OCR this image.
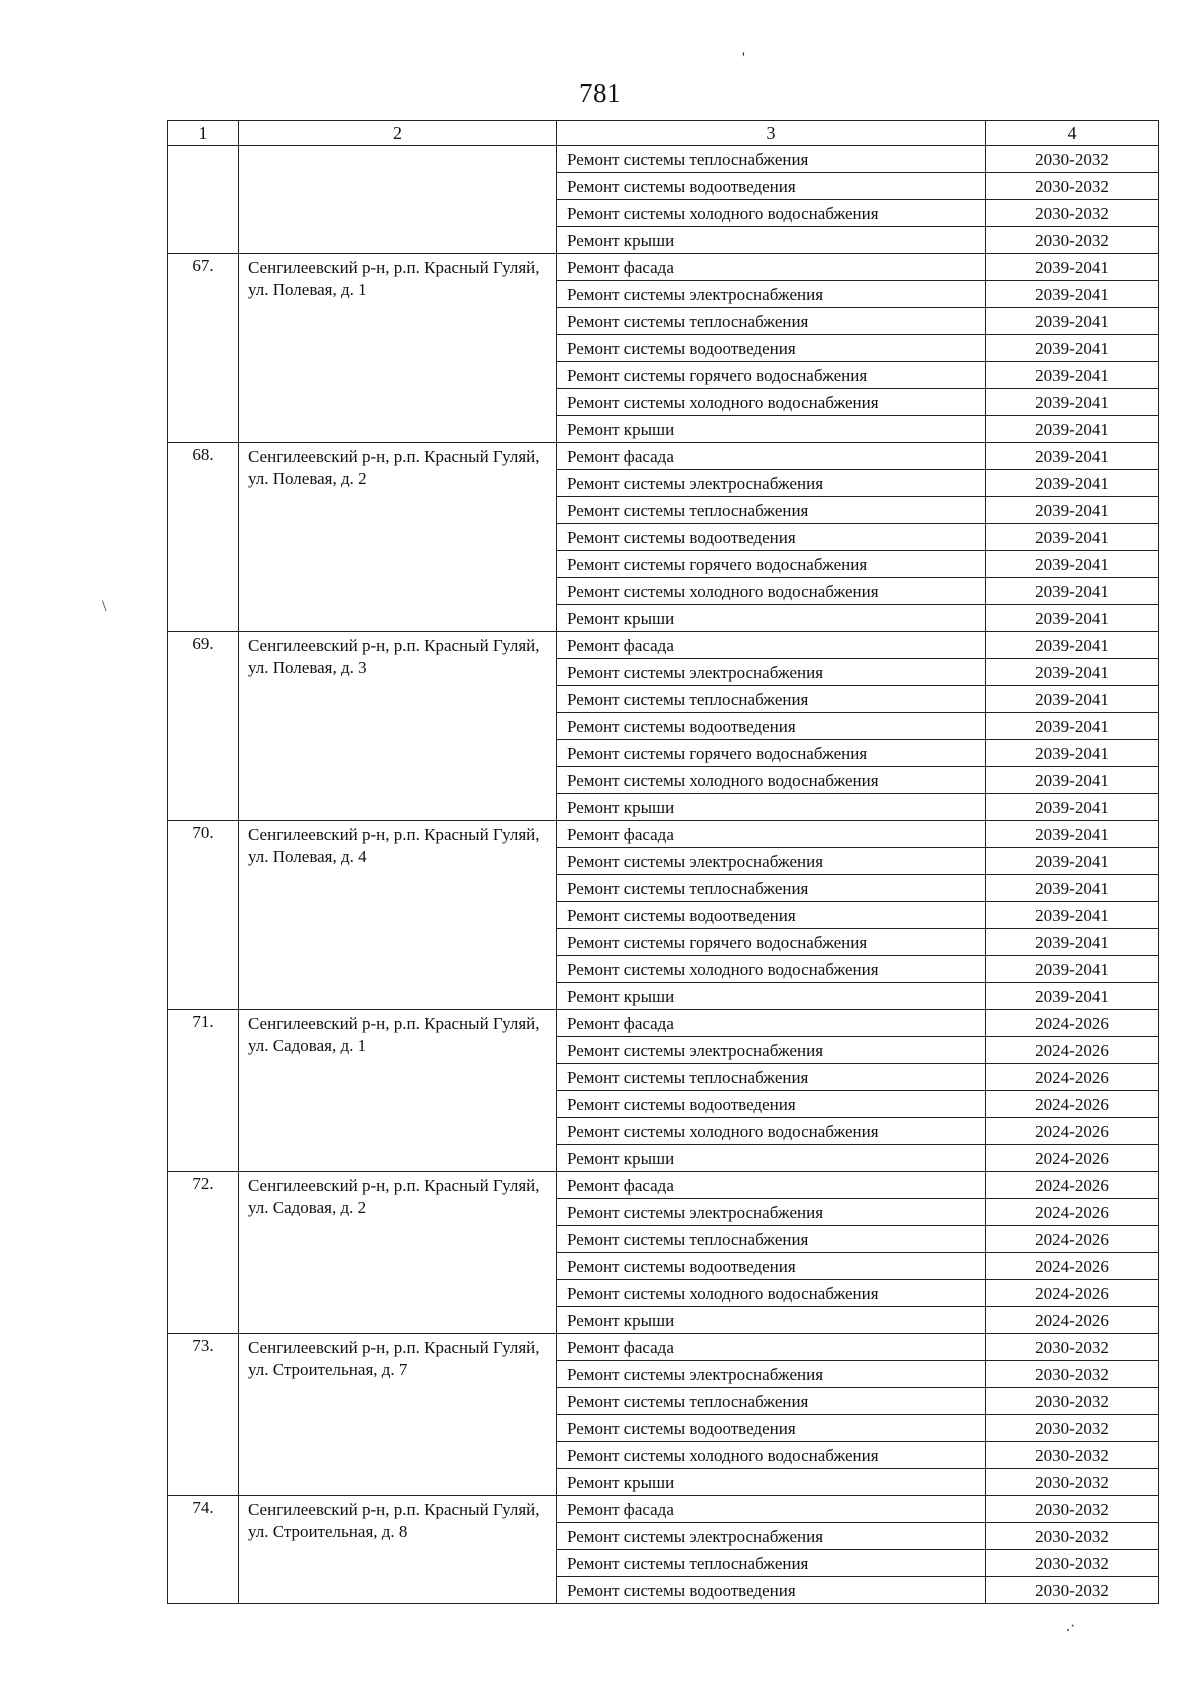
781
'
\
.·
1	2	3	4
		Ремонт системы теплоснабжения	2030-2032
		Ремонт системы водоотведения	2030-2032
		Ремонт системы холодного водоснабжения	2030-2032
		Ремонт крыши	2030-2032
67.	Сенгилеевский р-н, р.п. Красный Гуляй, ул. Полевая, д. 1	Ремонт фасада	2039-2041
		Ремонт системы электроснабжения	2039-2041
		Ремонт системы теплоснабжения	2039-2041
		Ремонт системы водоотведения	2039-2041
		Ремонт системы горячего водоснабжения	2039-2041
		Ремонт системы холодного водоснабжения	2039-2041
		Ремонт крыши	2039-2041
68.	Сенгилеевский р-н, р.п. Красный Гуляй, ул. Полевая, д. 2	Ремонт фасада	2039-2041
		Ремонт системы электроснабжения	2039-2041
		Ремонт системы теплоснабжения	2039-2041
		Ремонт системы водоотведения	2039-2041
		Ремонт системы горячего водоснабжения	2039-2041
		Ремонт системы холодного водоснабжения	2039-2041
		Ремонт крыши	2039-2041
69.	Сенгилеевский р-н, р.п. Красный Гуляй, ул. Полевая, д. 3	Ремонт фасада	2039-2041
		Ремонт системы электроснабжения	2039-2041
		Ремонт системы теплоснабжения	2039-2041
		Ремонт системы водоотведения	2039-2041
		Ремонт системы горячего водоснабжения	2039-2041
		Ремонт системы холодного водоснабжения	2039-2041
		Ремонт крыши	2039-2041
70.	Сенгилеевский р-н, р.п. Красный Гуляй, ул. Полевая, д. 4	Ремонт фасада	2039-2041
		Ремонт системы электроснабжения	2039-2041
		Ремонт системы теплоснабжения	2039-2041
		Ремонт системы водоотведения	2039-2041
		Ремонт системы горячего водоснабжения	2039-2041
		Ремонт системы холодного водоснабжения	2039-2041
		Ремонт крыши	2039-2041
71.	Сенгилеевский р-н, р.п. Красный Гуляй, ул. Садовая, д. 1	Ремонт фасада	2024-2026
		Ремонт системы электроснабжения	2024-2026
		Ремонт системы теплоснабжения	2024-2026
		Ремонт системы водоотведения	2024-2026
		Ремонт системы холодного водоснабжения	2024-2026
		Ремонт крыши	2024-2026
72.	Сенгилеевский р-н, р.п. Красный Гуляй, ул. Садовая, д. 2	Ремонт фасада	2024-2026
		Ремонт системы электроснабжения	2024-2026
		Ремонт системы теплоснабжения	2024-2026
		Ремонт системы водоотведения	2024-2026
		Ремонт системы холодного водоснабжения	2024-2026
		Ремонт крыши	2024-2026
73.	Сенгилеевский р-н, р.п. Красный Гуляй, ул. Строительная, д. 7	Ремонт фасада	2030-2032
		Ремонт системы электроснабжения	2030-2032
		Ремонт системы теплоснабжения	2030-2032
		Ремонт системы водоотведения	2030-2032
		Ремонт системы холодного водоснабжения	2030-2032
		Ремонт крыши	2030-2032
74.	Сенгилеевский р-н, р.п. Красный Гуляй, ул. Строительная, д. 8	Ремонт фасада	2030-2032
		Ремонт системы электроснабжения	2030-2032
		Ремонт системы теплоснабжения	2030-2032
		Ремонт системы водоотведения	2030-2032
